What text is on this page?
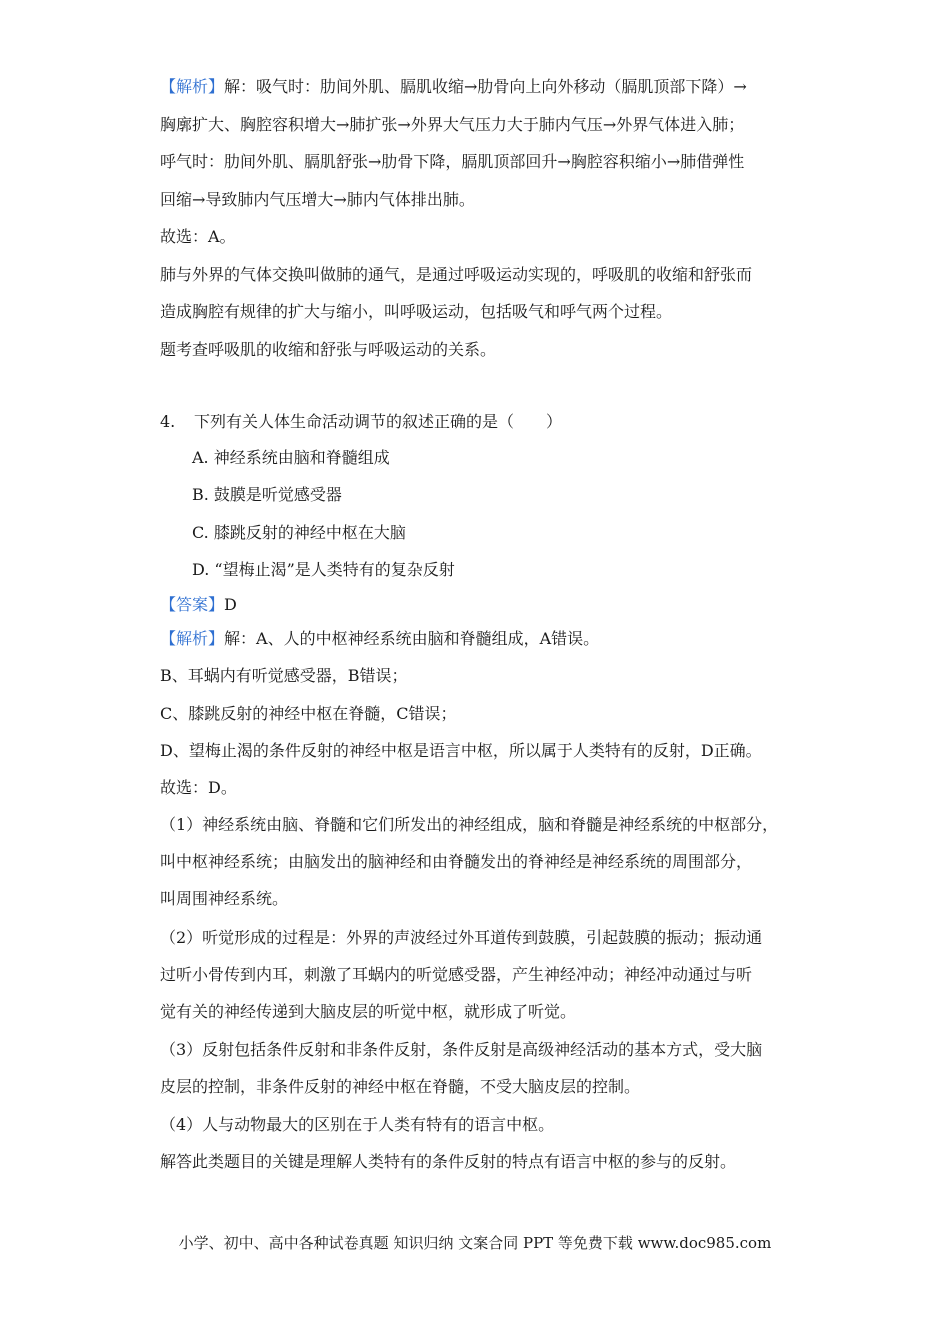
【解析】解：吸气时：肋间外肌、膈肌收缩→肋骨向上向外移动（膈肌顶部下降）→
胸廓扩大、胸腔容积增大→肺扩张→外界大气压力大于肺内气压→外界气体进入肺；
呼气时：肋间外肌、膈肌舒张→肋骨下降，膈肌顶部回升→胸腔容积缩小→肺借弹性
回缩→导致肺内气压增大→肺内气体排出肺。
故选：A。
肺与外界的气体交换叫做肺的通气，是通过呼吸运动实现的，呼吸肌的收缩和舒张而
造成胸腔有规律的扩大与缩小，叫呼吸运动，包括吸气和呼气两个过程。
题考查呼吸肌的收缩和舒张与呼吸运动的关系。
4. 下列有关人体生命活动调节的叙述正确的是（　　）
A. 神经系统由脑和脊髓组成
B. 鼓膜是听觉感受器
C. 膝跳反射的神经中枢在大脑
D. “望梅止渴”是人类特有的复杂反射
【答案】D
【解析】解：A、人的中枢神经系统由脑和脊髓组成，A错误。
B、耳蜗内有听觉感受器，B错误；
C、膝跳反射的神经中枢在脊髓，C错误；
D、望梅止渴的条件反射的神经中枢是语言中枢，所以属于人类特有的反射，D正确。
故选：D。
（1）神经系统由脑、脊髓和它们所发出的神经组成，脑和脊髓是神经系统的中枢部分，
叫中枢神经系统；由脑发出的脑神经和由脊髓发出的脊神经是神经系统的周围部分，
叫周围神经系统。
（2）听觉形成的过程是：外界的声波经过外耳道传到鼓膜，引起鼓膜的振动；振动通
过听小骨传到内耳，刺激了耳蜗内的听觉感受器，产生神经冲动；神经冲动通过与听
觉有关的神经传递到大脑皮层的听觉中枢，就形成了听觉。
（3）反射包括条件反射和非条件反射，条件反射是高级神经活动的基本方式，受大脑
皮层的控制，非条件反射的神经中枢在脊髓，不受大脑皮层的控制。
（4）人与动物最大的区别在于人类有特有的语言中枢。
解答此类题目的关键是理解人类特有的条件反射的特点有语言中枢的参与的反射。
小学、初中、高中各种试卷真题 知识归纳 文案合同 PPT 等免费下载 www.doc985.com
